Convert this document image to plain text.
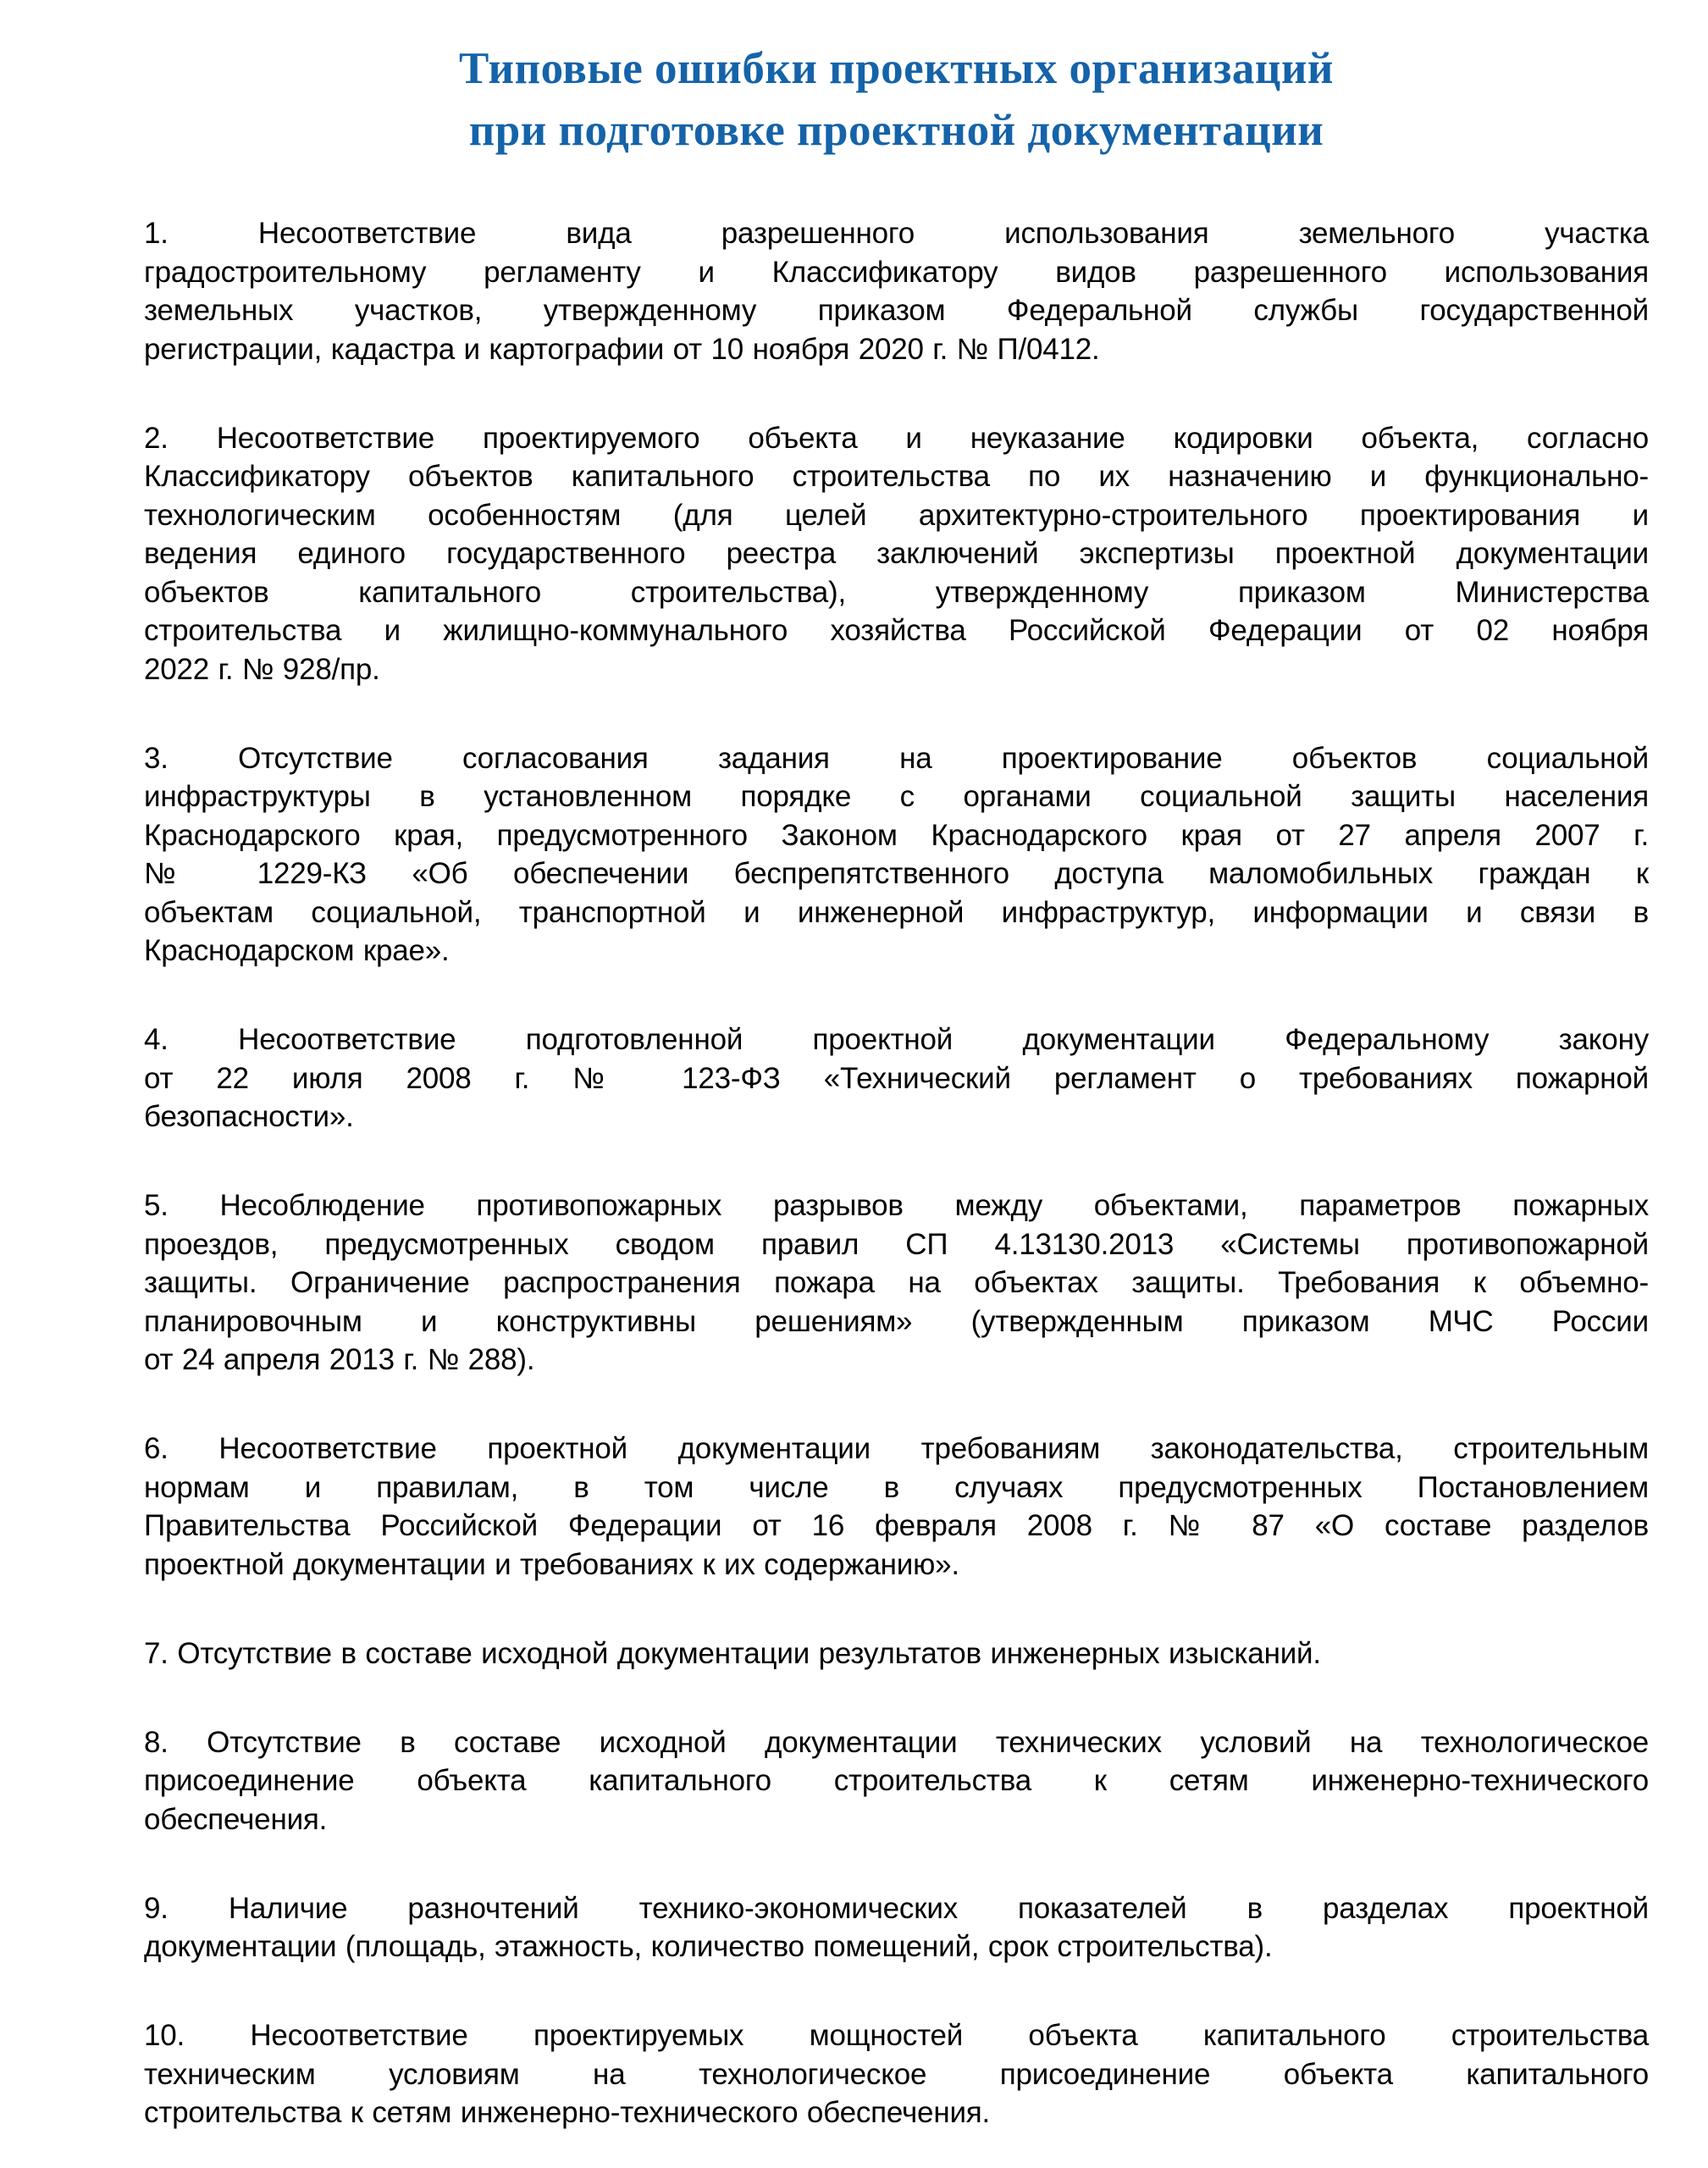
Типовые ошибки проектных организаций
при подготовке проектной документации

1. Несоответствие вида разрешенного использования земельного участка
градостроительному регламенту и Классификатору видов разрешенного использования
земельных участков, утвержденному приказом Федеральной службы государственной
регистрации, кадастра и картографии от 10 ноября 2020 г. № П/0412.

2. Несоответствие проектируемого объекта и неуказание кодировки объекта, согласно
Классификатору объектов капитального строительства по их назначению и функционально-
технологическим особенностям (для целей архитектурно-строительного проектирования и
ведения единого государственного реестра заключений экспертизы проектной документации
объектов капитального строительства), утвержденному приказом Министерства
строительства и жилищно-коммунального хозяйства Российской Федерации от 02 ноября
2022 г. № 928/пр.

3. Отсутствие согласования задания на проектирование объектов социальной
инфраструктуры в установленном порядке с органами социальной защиты населения
Краснодарского края, предусмотренного Законом Краснодарского края от 27 апреля 2007 г.
№ 1229-КЗ «Об обеспечении беспрепятственного доступа маломобильных граждан к
объектам социальной, транспортной и инженерной инфраструктур, информации и связи в
Краснодарском крае».

4. Несоответствие подготовленной проектной документации Федеральному закону
от 22 июля 2008 г. № 123-ФЗ «Технический регламент о требованиях пожарной
безопасности».

5. Несоблюдение противопожарных разрывов между объектами, параметров пожарных
проездов, предусмотренных сводом правил СП 4.13130.2013 «Системы противопожарной
защиты. Ограничение распространения пожара на объектах защиты. Требования к объемно-
планировочным и конструктивны решениям» (утвержденным приказом МЧС России
от 24 апреля 2013 г. № 288).

6. Несоответствие проектной документации требованиям законодательства, строительным
нормам и правилам, в том числе в случаях предусмотренных Постановлением
Правительства Российской Федерации от 16 февраля 2008 г. № 87 «О составе разделов
проектной документации и требованиях к их содержанию».

7. Отсутствие в составе исходной документации результатов инженерных изысканий.

8. Отсутствие в составе исходной документации технических условий на технологическое
присоединение объекта капитального строительства к сетям инженерно-технического
обеспечения.

9. Наличие разночтений технико-экономических показателей в разделах проектной
документации (площадь, этажность, количество помещений, срок строительства).

10. Несоответствие проектируемых мощностей объекта капитального строительства
техническим условиям на технологическое присоединение объекта капитального
строительства к сетям инженерно-технического обеспечения.
